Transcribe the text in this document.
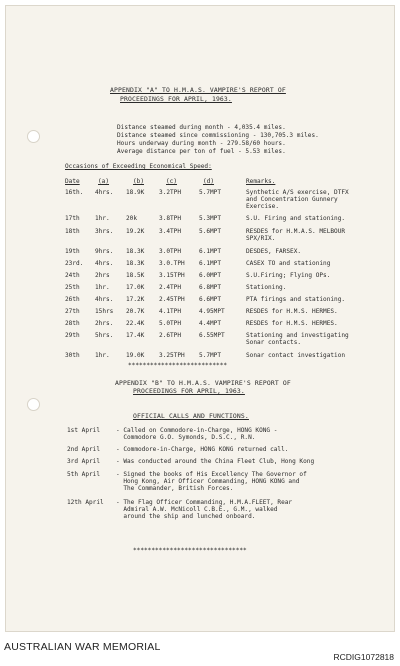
APPENDIX "A" TO H.M.A.S. VAMPIRE'S REPORT OF
PROCEEDINGS FOR APRIL, 1963.
Distance steamed during month - 4,035.4 miles.
Distance steamed since commissioning - 130,705.3 miles.
Hours underway during month - 279.58/60 hours.
Average distance per ton of fuel - 5.53 miles.
Occasions of Exceeding Economical Speed:
Date	(a)	(b)	(c)	(d)	Remarks.
16th. 4hrs. 18.9K 3.2TPH	5.7MPT	Synthetic A/S exercise, DTFX
and Concentration Gunnery
Exercise.
17th	1hr.	20k	3.8TPH	5.3MPT	S.U. Firing and stationing.
18th	3hrs. 19.2K 3.4TPH	5.6MPT	RESDES for H.M.A.S. MELBOUR
SPX/RIX.
19th	9hrs. 18.3K 3.0TPH	6.1MPT	DESDES, FARSEX.
23rd. 4hrs. 18.3K 3.0.TPH 6.1MPT	CASEX TO and stationing
24th	2hrs	18.5K 3.15TPH 6.0MPT	S.U.Firing; Flying OPs.
25th	1hr.	17.0K 2.4TPH	6.8MPT	Stationing.
26th	4hrs. 17.2K 2.45TPH 6.6MPT	PTA firings and stationing.
27th	15hrs 20.7K 4.1TPH	4.95MPT	RESDES for H.M.S. HERMES.
28th	2hrs. 22.4K 5.0TPH	4.4MPT	RESDES for H.M.S. HERMES.
29th	5hrs. 17.4K 2.6TPH	6.55MPT	Stationing and investigating
Sonar contacts.
30th	1hr.	19.0K 3.25TPH 5.7MPT	Sonar contact investigation
***************************
APPENDIX "B" TO H.M.A.S. VAMPIRE'S REPORT OF
PROCEEDINGS FOR APRIL, 1963.
OFFICIAL CALLS AND FUNCTIONS.
1st April	- Called on Commodore-in-Charge, HONG KONG -
Commodore G.O. Symonds, D.S.C., R.N.
2nd April	- Commodore-in-Charge, HONG KONG returned call.
3rd April	- Was conducted around the China Fleet Club, Hong Kong
5th April	- Signed the books of His Excellency The Governor of
Hong Kong, Air Officer Commanding, HONG KONG and
The Commander, British Forces.
12th April - The Flag Officer Commanding, H.M.A.FLEET, Rear
Admiral A.W. McNicoll C.B.E., G.M., walked
around the ship and lunched onboard.
*******************************
AUSTRALIAN WAR MEMORIAL
RCDIG1072818
